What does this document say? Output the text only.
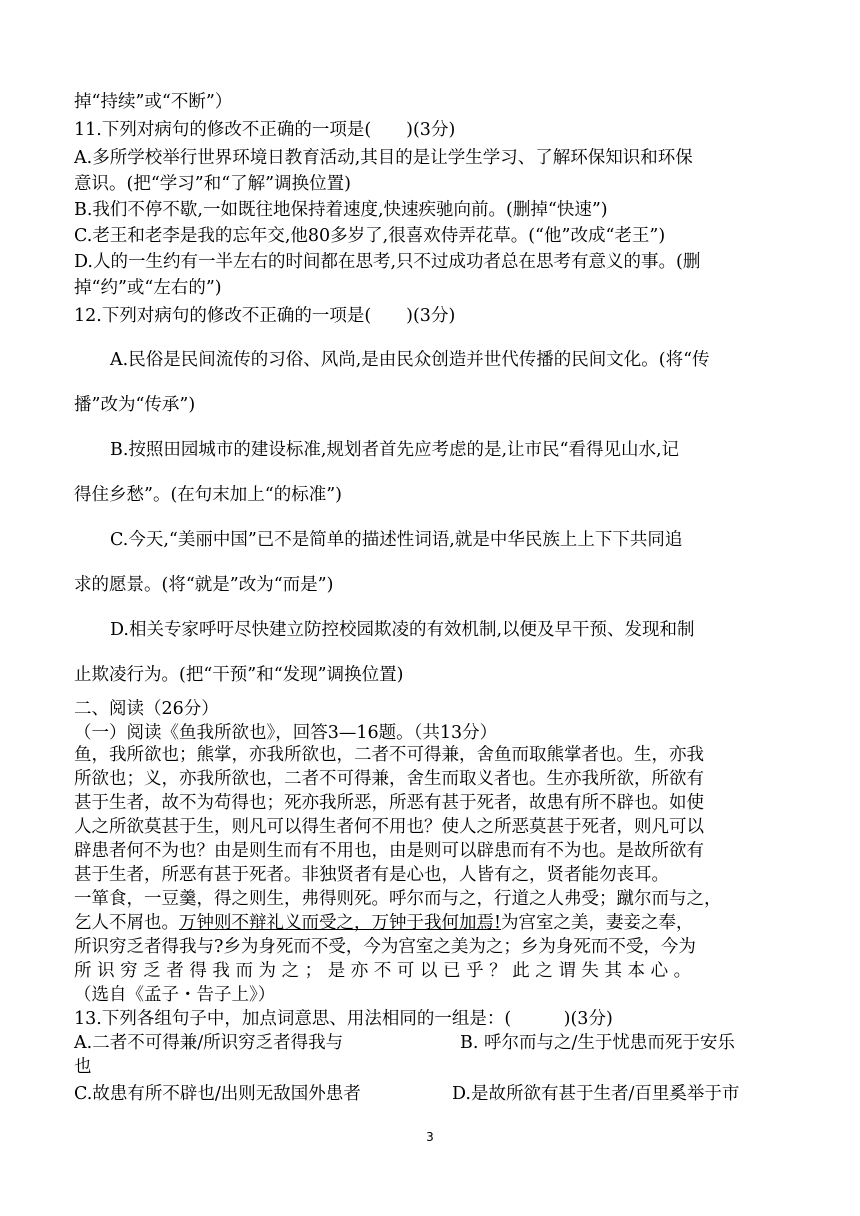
掉“持续”或“不断”）
11.下列对病句的修改不正确的一项是(　　)(3分)
A.多所学校举行世界环境日教育活动,其目的是让学生学习、了解环保知识和环保
意识。(把“学习”和“了解”调换位置)
B.我们不停不歇,一如既往地保持着速度,快速疾驰向前。(删掉“快速”)
C.老王和老李是我的忘年交,他80多岁了,很喜欢侍弄花草。(“他”改成“老王”)
D.人的一生约有一半左右的时间都在思考,只不过成功者总在思考有意义的事。(删
掉“约”或“左右的”)
12.下列对病句的修改不正确的一项是(　　)(3分)
A.民俗是民间流传的习俗、风尚,是由民众创造并世代传播的民间文化。(将“传
播”改为“传承”)
B.按照田园城市的建设标准,规划者首先应考虑的是,让市民“看得见山水,记
得住乡愁”。(在句末加上“的标准”)
C.今天,“美丽中国”已不是简单的描述性词语,就是中华民族上上下下共同追
求的愿景。(将“就是”改为“而是”)
D.相关专家呼吁尽快建立防控校园欺凌的有效机制,以便及早干预、发现和制
止欺凌行为。(把“干预”和“发现”调换位置)
二、阅读（26分）
（一）阅读《鱼我所欲也》，回答3—16题。（共13分）
鱼，我所欲也；熊掌，亦我所欲也，二者不可得兼，舍鱼而取熊掌者也。生，亦我
所欲也；义，亦我所欲也，二者不可得兼，舍生而取义者也。生亦我所欲，所欲有
甚于生者，故不为苟得也；死亦我所恶，所恶有甚于死者，故患有所不辟也。如使
人之所欲莫甚于生，则凡可以得生者何不用也？使人之所恶莫甚于死者，则凡可以
辟患者何不为也？由是则生而有不用也，由是则可以辟患而有不为也。是故所欲有
甚于生者，所恶有甚于死者。非独贤者有是心也，人皆有之，贤者能勿丧耳。
一箪食，一豆羹，得之则生，弗得则死。呼尔而与之，行道之人弗受；蹴尔而与之，
乞人不屑也。万钟则不辩礼义而受之，万钟于我何加焉!为宫室之美，妻妾之奉，
所识穷乏者得我与?乡为身死而不受，今为宫室之美为之；乡为身死而不受，今为
所 识 穷 乏 者 得 我 而 为 之 ； 是 亦 不 可 以 已 乎 ？ 此 之 谓 失 其 本 心 。
（选自《孟子・告子上》）
13.下列各组句子中，加点词意思、用法相同的一组是：(　　　)(3分)
A.二者不可得兼/所识穷乏者得我与	B. 呼尔而与之/生于忧患而死于安乐
也
C.故患有所不辟也/出则无敌国外患者	D.是故所欲有甚于生者/百里奚举于市
3
